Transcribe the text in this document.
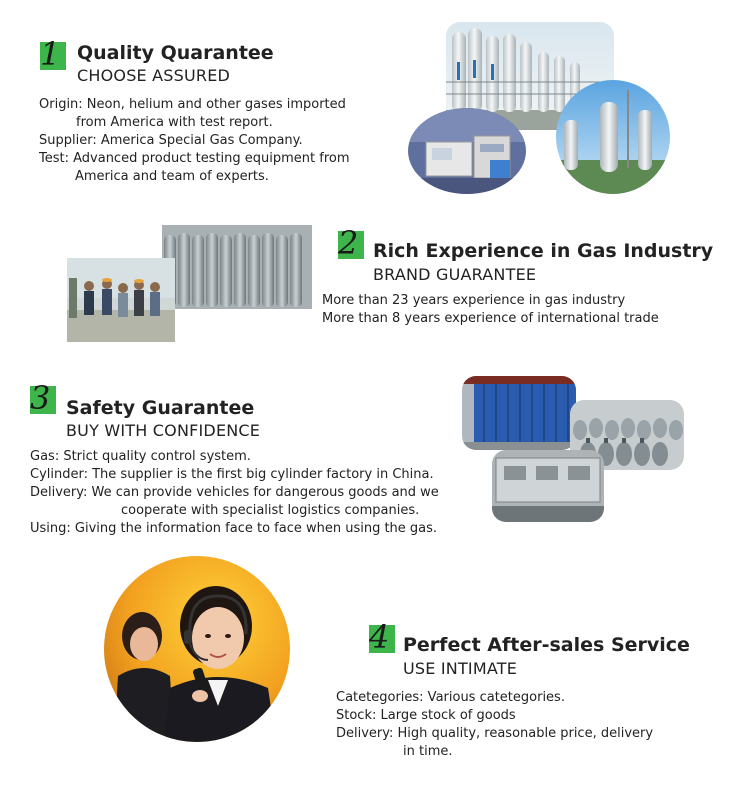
1 Quality Quarantee
CHOOSE ASSURED
Origin: Neon, helium and other gases imported
from America with test report.
Supplier: America Special Gas Company.
Test: Advanced product testing equipment from
America and team of experts.
2 Rich Experience in Gas Industry
BRAND GUARANTEE
More than 23 years experience in gas industry
More than 8 years experience of international trade
3 Safety Guarantee
BUY WITH CONFIDENCE
Gas: Strict quality control system.
Cylinder: The supplier is the first big cylinder factory in China.
Delivery: We can provide vehicles for dangerous goods and we
cooperate with specialist logistics companies.
Using: Giving the information face to face when using the gas.
4 Perfect After-sales Service
USE INTIMATE
Catetegories: Various catetegories.
Stock: Large stock of goods
Delivery: High quality, reasonable price, delivery
in time.
